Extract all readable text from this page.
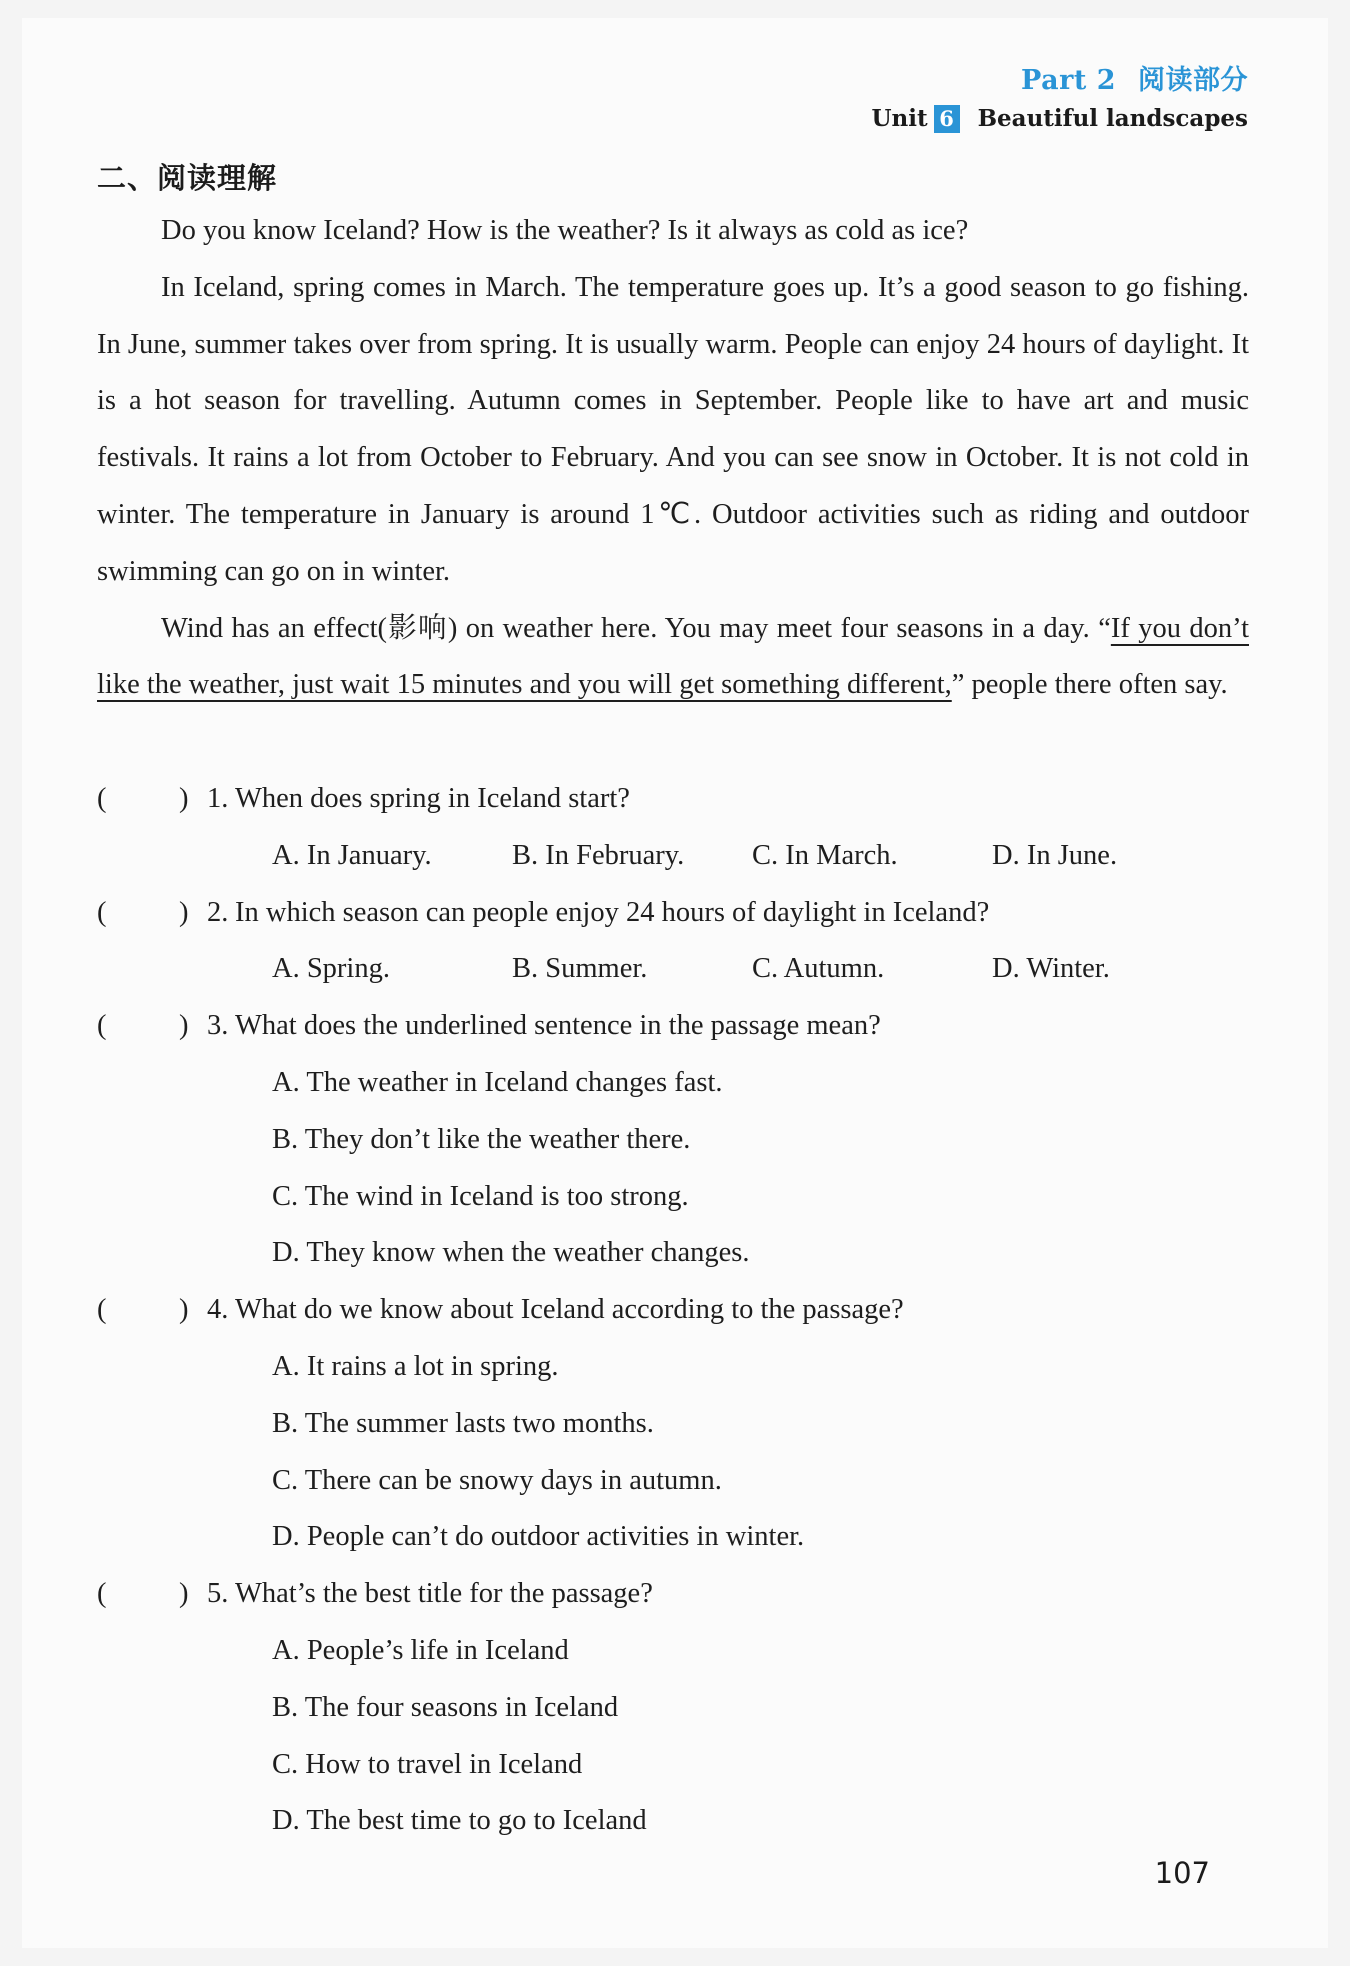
Part 2 阅读部分
Unit 6 Beautiful landscapes
二、阅读理解

Do you know Iceland? How is the weather? Is it always as cold as ice?

In Iceland, spring comes in March. The temperature goes up. It’s a good season to go fishing. In June, summer takes over from spring. It is usually warm. People can enjoy 24 hours of daylight. It is a hot season for travelling. Autumn comes in September. People like to have art and music festivals. It rains a lot from October to February. And you can see snow in October. It is not cold in winter. The temperature in January is around 1℃. Outdoor activities such as riding and outdoor swimming can go on in winter.

Wind has an effect(影响) on weather here. You may meet four seasons in a day. “If you don’t like the weather, just wait 15 minutes and you will get something different,” people there often say.

(	) 1. When does spring in Iceland start?
A. In January.	B. In February.	C. In March.	D. In June.
(	) 2. In which season can people enjoy 24 hours of daylight in Iceland?
A. Spring.	B. Summer.	C. Autumn.	D. Winter.
(	) 3. What does the underlined sentence in the passage mean?
A. The weather in Iceland changes fast.
B. They don’t like the weather there.
C. The wind in Iceland is too strong.
D. They know when the weather changes.
(	) 4. What do we know about Iceland according to the passage?
A. It rains a lot in spring.
B. The summer lasts two months.
C. There can be snowy days in autumn.
D. People can’t do outdoor activities in winter.
(	) 5. What’s the best title for the passage?
A. People’s life in Iceland
B. The four seasons in Iceland
C. How to travel in Iceland
D. The best time to go to Iceland
107
